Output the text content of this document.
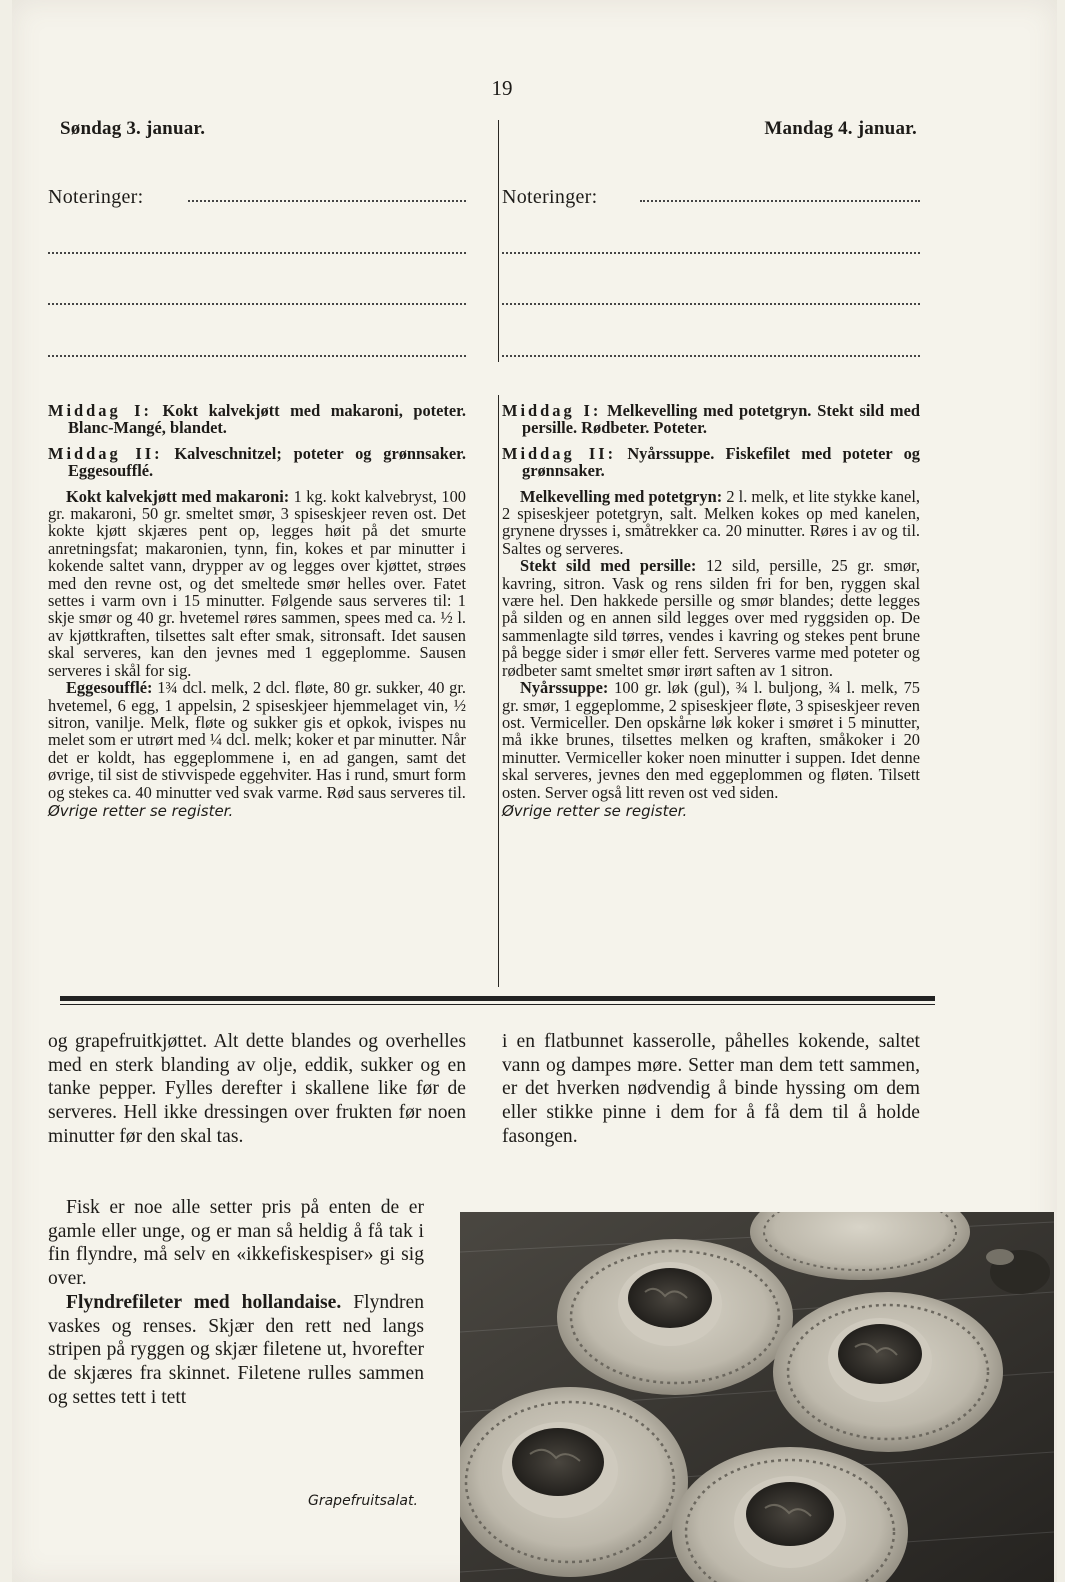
19
Søndag 3. januar.	Mandag 4. januar.
Noteringer:	Noteringer:

Middag I: Kokt kalvekjøtt med makaroni, poteter. Blanc-Mangé, blandet.

Middag II: Kalveschnitzel; poteter og grønnsaker. Eggesoufflé.

Kokt kalvekjøtt med makaroni: 1 kg. kokt kalvebryst, 100 gr. makaroni, 50 gr. smeltet smør, 3 spiseskjeer reven ost. Det kokte kjøtt skjæres pent op, legges høit på det smurte anretningsfat; makaronien, tynn, fin, kokes et par minutter i kokende saltet vann, drypper av og legges over kjøttet, strøes med den revne ost, og det smeltede smør helles over. Fatet settes i varm ovn i 15 minutter. Følgende saus serveres til: 1 skje smør og 40 gr. hvetemel røres sammen, spees med ca. ½ l. av kjøttkraften, tilsettes salt efter smak, sitronsaft. Idet sausen skal serveres, kan den jevnes med 1 eggeplomme. Sausen serveres i skål for sig.

Eggesoufflé: 1¾ dcl. melk, 2 dcl. fløte, 80 gr. sukker, 40 gr. hvetemel, 6 egg, 1 appelsin, 2 spiseskjeer hjemmelaget vin, ½ sitron, vanilje. Melk, fløte og sukker gis et opkok, ivispes nu melet som er utrørt med ¼ dcl. melk; koker et par minutter. Når det er koldt, has eggeplommene i, en ad gangen, samt det øvrige, til sist de stivvispede eggehviter. Has i rund, smurt form og stekes ca. 40 minutter ved svak varme. Rød saus serveres til.

Øvrige retter se register.

Middag I: Melkevelling med potetgryn. Stekt sild med persille. Rødbeter. Poteter.

Middag II: Nyårssuppe. Fiskefilet med poteter og grønnsaker.

Melkevelling med potetgryn: 2 l. melk, et lite stykke kanel, 2 spiseskjeer potetgryn, salt. Melken kokes op med kanelen, grynene drysses i, småtrekker ca. 20 minutter. Røres i av og til. Saltes og serveres.

Stekt sild med persille: 12 sild, persille, 25 gr. smør, kavring, sitron. Vask og rens silden fri for ben, ryggen skal være hel. Den hakkede persille og smør blandes; dette legges på silden og en annen sild legges over med ryggsiden op. De sammenlagte sild tørres, vendes i kavring og stekes pent brune på begge sider i smør eller fett. Serveres varme med poteter og rødbeter samt smeltet smør irørt saften av 1 sitron.

Nyårssuppe: 100 gr. løk (gul), ¾ l. buljong, ¾ l. melk, 75 gr. smør, 1 eggeplomme, 2 spiseskjeer fløte, 3 spiseskjeer reven ost. Vermiceller. Den opskårne løk koker i smøret i 5 minutter, må ikke brunes, tilsettes melken og kraften, småkoker i 20 minutter. Vermiceller koker noen minutter i suppen. Idet denne skal serveres, jevnes den med eggeplommen og fløten. Tilsett osten. Server også litt reven ost ved siden.

Øvrige retter se register.

og grapefruitkjøttet. Alt dette blandes og overhelles med en sterk blanding av olje, eddik, sukker og en tanke pepper. Fylles derefter i skallene like før de serveres. Hell ikke dressingen over frukten før noen minutter før den skal tas.

Fisk er noe alle setter pris på enten de er gamle eller unge, og er man så heldig å få tak i fin flyndre, må selv en «ikkefiskespiser» gi sig over.

Flyndrefileter med hollandaise. Flyndren vaskes og renses. Skjær den rett ned langs stripen på ryggen og skjær filetene ut, hvorefter de skjæres fra skinnet. Filetene rulles sammen og settes tett i tett

i en flatbunnet kasserolle, påhelles kokende, saltet vann og dampes møre. Setter man dem tett sammen, er det hverken nødvendig å binde hyssing om dem eller stikke pinne i dem for å få dem til å holde fasongen.

Grapefruitsalat.
